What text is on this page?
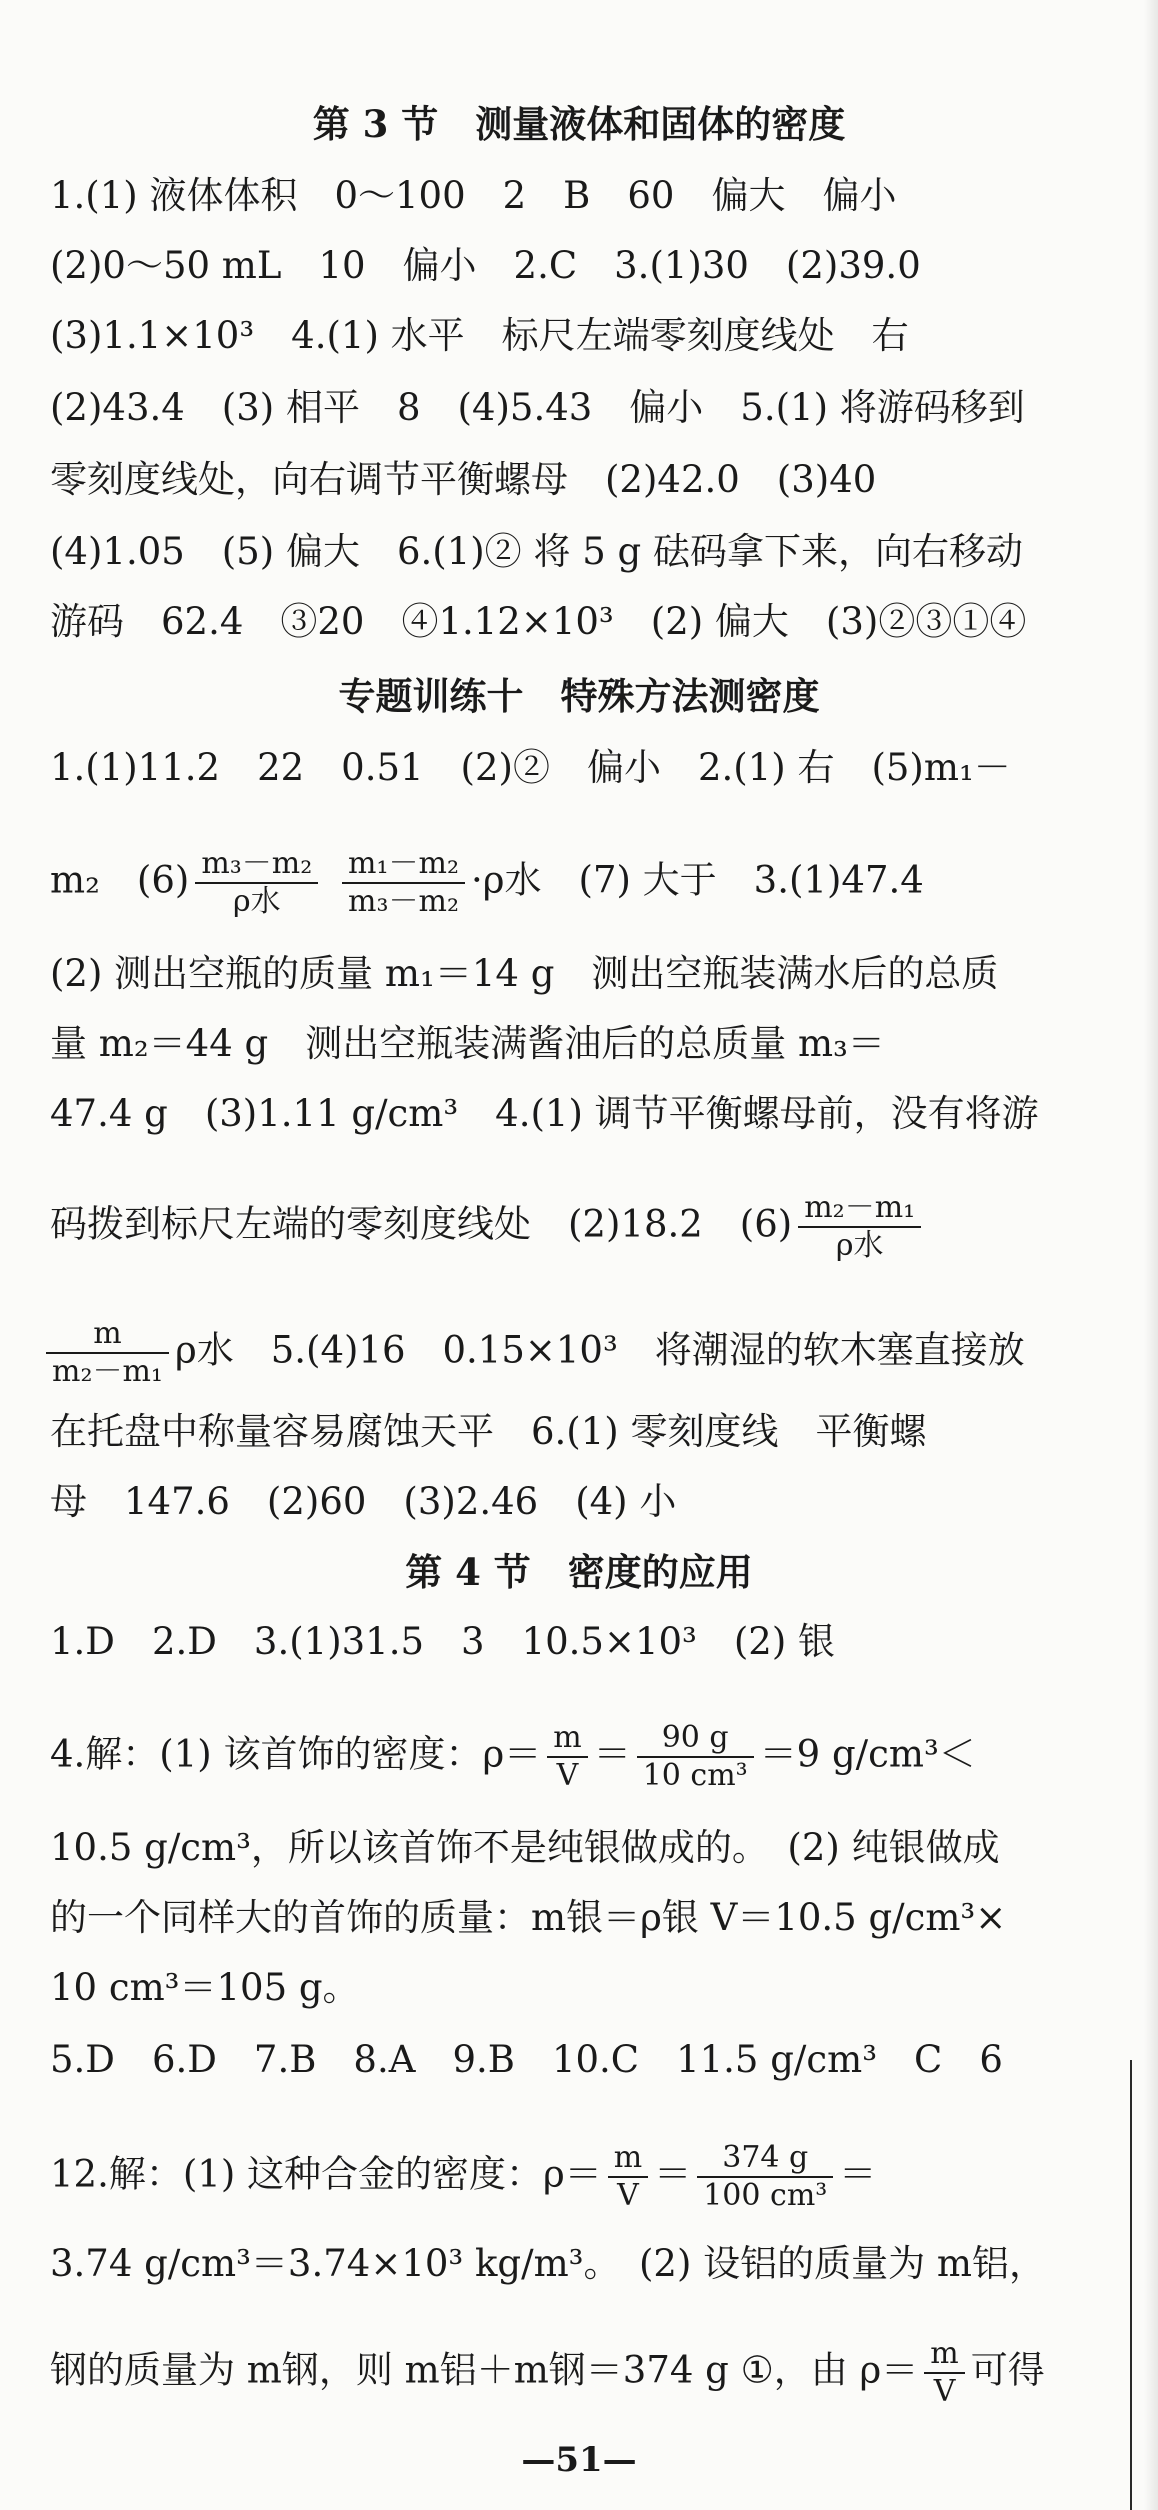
第 3 节　测量液体和固体的密度
1.(1) 液体体积　0～100　2　B　60　偏大　偏小
(2)0～50 mL　10　偏小　2.C　3.(1)30　(2)39.0
(3)1.1×10³　4.(1) 水平　标尺左端零刻度线处　右
(2)43.4　(3) 相平　8　(4)5.43　偏小　5.(1) 将游码移到
零刻度线处，向右调节平衡螺母　(2)42.0　(3)40
(4)1.05　(5) 偏大　6.(1)② 将 5 g 砝码拿下来，向右移动
游码　62.4　③20　④1.12×10³　(2) 偏大　(3)②③①④
专题训练十　特殊方法测密度
1.(1)11.2　22　0.51　(2)②　偏小　2.(1) 右　(5)m₁－
m₂　$(6) \frac{\text{m₃－m₂}}{\text{ρ水}}$
$\frac{\text{m₁－m₂}}{\text{m₃－m₂}} \cdot\rho$水　(7) 大于　3.(1)47.4
(2) 测出空瓶的质量 m₁＝14 g　测出空瓶装满水后的总质
量 m₂＝44 g　测出空瓶装满酱油后的总质量 m₃＝
47.4 g　(3)1.11 g/cm³　4.(1) 调节平衡螺母前，没有将游
码拨到标尺左端的零刻度线处　(2)18.2　$(6) \frac{\text{m₂－m₁}}{\text{ρ水}}$
$\frac{m}{\text{m₂－m₁}}$ ρ水　5.(4)16　0.15×10³　将潮湿的软木塞直接放
在托盘中称量容易腐蚀天平　6.(1) 零刻度线　平衡螺
母　147.6　(2)60　(3)2.46　(4) 小
第 4 节　密度的应用
1.D　2.D　3.(1)31.5　3　10.5×10³　(2) 银
4.解：(1) 该首饰的密度：$\rho= \frac{m}{V} = \frac{90 g}{\text{10 cm³}} =9$ g/cm³＜
10.5 g/cm³，所以该首饰不是纯银做成的。　(2) 纯银做成
的一个同样大的首饰的质量：m银＝ρ银 V＝10.5 g/cm³×
10 cm³＝105 g。
5.D　6.D　7.B　8.A　9.B　10.C　11.5 g/cm³　C　6
12.解：(1) 这种合金的密度：$\rho= \frac{m}{V} = \frac{374 g}{\text{100 cm³}}$ ＝
3.74 g/cm³＝3.74×10³ kg/m³。　(2) 设铝的质量为 m铝，
钢的质量为 m钢，则 m铝＋m钢＝374 g ①，由 $\rho= \frac{m}{V}$ 可得
—51—
